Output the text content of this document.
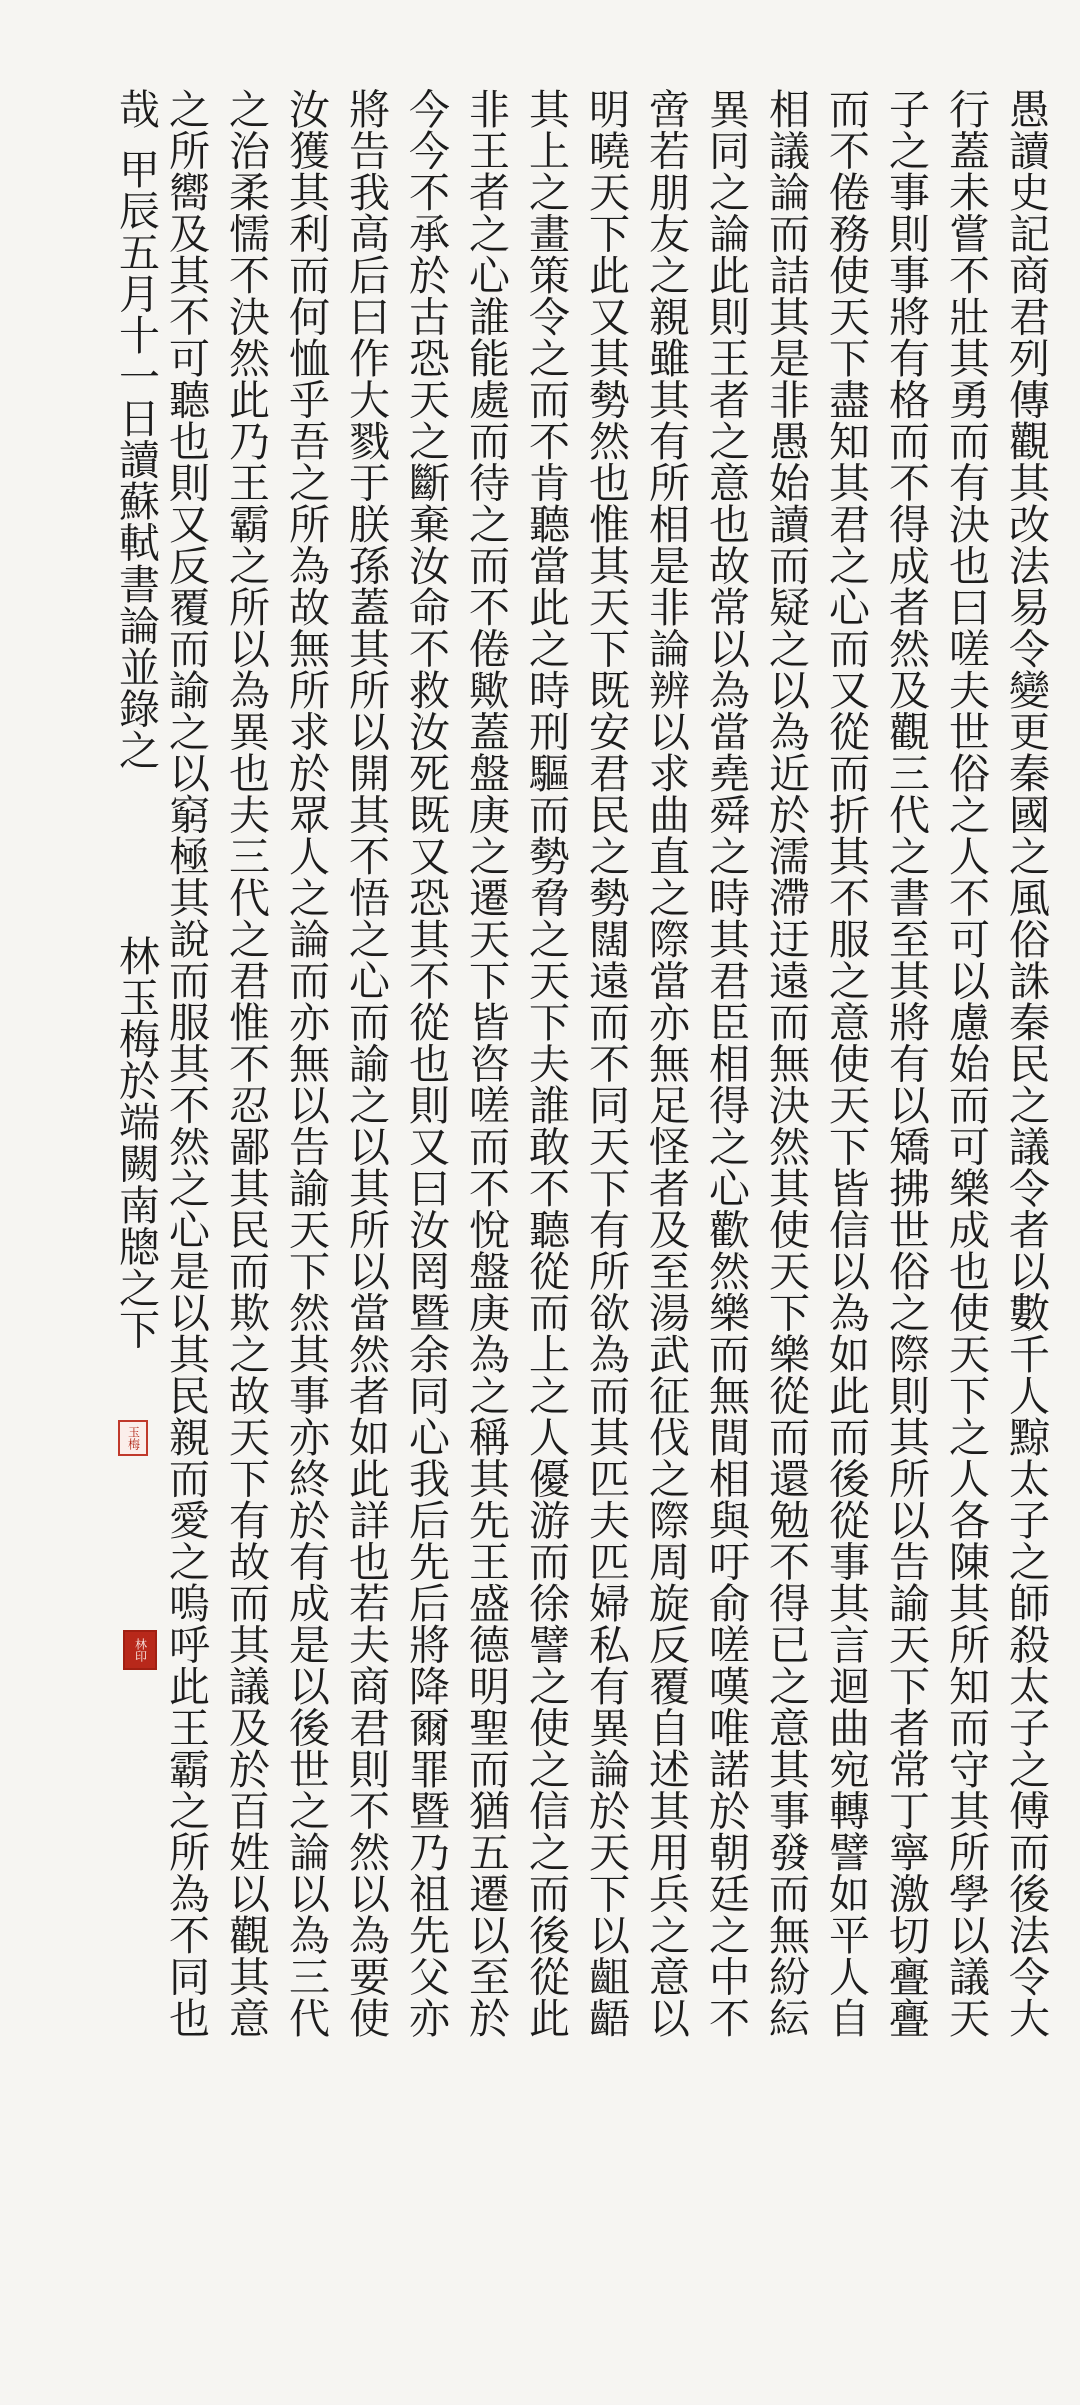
愚讀史記商君列傳觀其改法易令變更秦國之風俗誅秦民之議令者以數千人黥太子之師殺太子之傅而後法令大
行蓋未嘗不壯其勇而有決也曰嗟夫世俗之人不可以慮始而可樂成也使天下之人各陳其所知而守其所學以議天
子之事則事將有格而不得成者然及觀三代之書至其將有以矯拂世俗之際則其所以告諭天下者常丁寧激切亹亹
而不倦務使天下盡知其君之心而又從而折其不服之意使天下皆信以為如此而後從事其言迴曲宛轉譬如平人自
相議論而詰其是非愚始讀而疑之以為近於濡滯迂遠而無決然其使天下樂從而還勉不得已之意其事發而無紛紜
異同之論此則王者之意也故常以為當堯舜之時其君臣相得之心歡然樂而無間相與吁俞嗟嘆唯諾於朝廷之中不
啻若朋友之親雖其有所相是非論辨以求曲直之際當亦無足怪者及至湯武征伐之際周旋反覆自述其用兵之意以
明曉天下此又其勢然也惟其天下既安君民之勢闊遠而不同天下有所欲為而其匹夫匹婦私有異論於天下以齟齬
其上之畫策令之而不肯聽當此之時刑驅而勢脅之天下夫誰敢不聽從而上之人優游而徐譬之使之信之而後從此
非王者之心誰能處而待之而不倦歟蓋盤庚之遷天下皆咨嗟而不悅盤庚為之稱其先王盛德明聖而猶五遷以至於
今今不承於古恐天之斷棄汝命不救汝死既又恐其不從也則又曰汝罔暨余同心我后先后將降爾罪暨乃祖先父亦
將告我高后曰作大戮于朕孫蓋其所以開其不悟之心而諭之以其所以當然者如此詳也若夫商君則不然以為要使
汝獲其利而何恤乎吾之所為故無所求於眾人之論而亦無以告諭天下然其事亦終於有成是以後世之論以為三代
之治柔懦不決然此乃王霸之所以為異也夫三代之君惟不忍鄙其民而欺之故天下有故而其議及於百姓以觀其意
之所嚮及其不可聽也則又反覆而諭之以窮極其說而服其不然之心是以其民親而愛之嗚呼此王霸之所為不同也
哉
甲辰五月十一日讀蘇軾書論並錄之
林玉梅於端闕南牕之下
玉梅
林印
